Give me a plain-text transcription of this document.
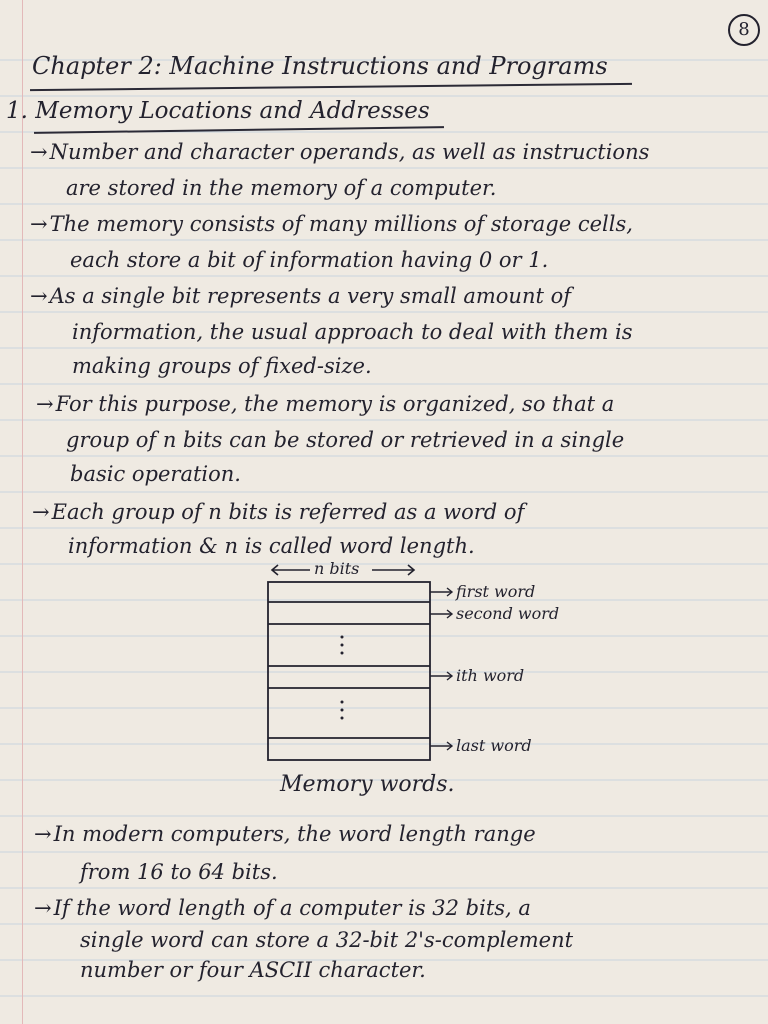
8
Chapter 2: Machine Instructions and Programs
1. Memory Locations and Addresses
→Number and character operands, as well as instructions
are stored in the memory of a computer.
→The memory consists of many millions of storage cells,
each store a bit of information having 0 or 1.
→As a single bit represents a very small amount of
information, the usual approach to deal with them is
making groups of fixed-size.
→For this purpose, the memory is organized, so that a
group of n bits can be stored or retrieved in a single
basic operation.
→Each group of n bits is referred as a word of
information & n is called word length.
n bits
first word
second word
ith word
last word
Memory words.
→In modern computers, the word length range
from 16 to 64 bits.
→If the word length of a computer is 32 bits, a
single word can store a 32-bit 2's-complement
number or four ASCII character.
